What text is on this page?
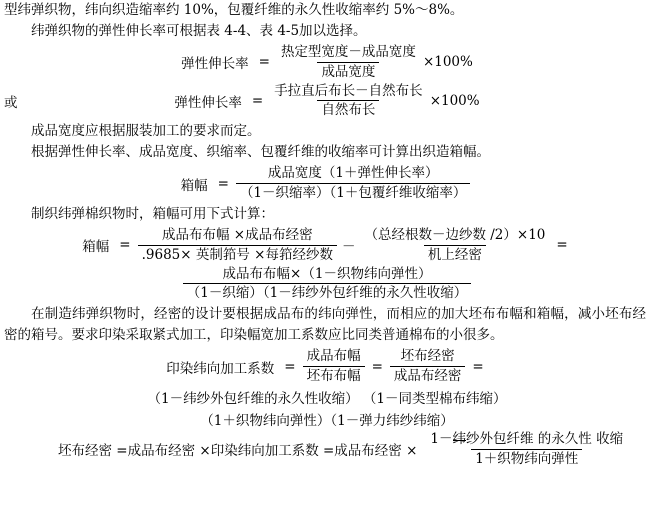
型纬弹织物，纬向织造缩率约 10%，包覆纤维的永久性收缩率约 5%～8%。

纬弹织物的弹性伸长率可根据表 4-4、表 4-5加以选择。

弹性伸长率 = $\frac{\text{热定型宽度－成品宽度}}{\text{成品宽度}} \times 100\%$
或	弹性伸长率 = $\frac{\text{手拉直后布长－自然布长}}{\text{自然布长}} \times 100\%$

成品宽度应根据服装加工的要求而定。

根据弹性伸长率、成品宽度、织缩率、包覆纤维的收缩率可计算出织造箱幅。

箱幅 = $\frac{\text{成品宽度（1＋弹性伸长率）}}{\text{（1－织缩率）（1＋包覆纤维收缩率）}}$

制织纬弹棉织物时，箱幅可用下式计算：

箱幅 = $\frac{\text{成品布布幅 ×成品布经密}}{\text{.9685× 英制筘号 ×每筘经纱数}} - \frac{\text{（总经根数－边纱数 /2）×10}}{\text{机上经密}}$ =
$\frac{\text{成品布布幅×（1－织物纬向弹性）}}{\text{（1－织缩）（1－纬纱外包纤维的永久性收缩）}}$

在制造纬弹织物时，经密的设计要根据成品布的纬向弹性，而相应的加大坯布布幅和箱幅，减小坯布经密的箱号。要求印染采取紧式加工，印染幅宽加工系数应比同类普通棉布的小很多。

印染纬向加工系数 = $\frac{\text{成品布幅}}{\text{坯布布幅}} = \frac{\text{坯布经密}}{\text{成品布经密}}$ =
（1－纬纱外包纤维的永久性收缩） （1－同类型棉布纬缩）
（1＋织物纬向弹性）（1－弹力纬纱纬缩）
坯布经密 =成品布经密 ×印染纬向加工系数 =成品布经密 × $\frac{\text{1－纬纱外包纤维 的永久性 收缩}}{\text{1＋织物纬向弹性}}$
